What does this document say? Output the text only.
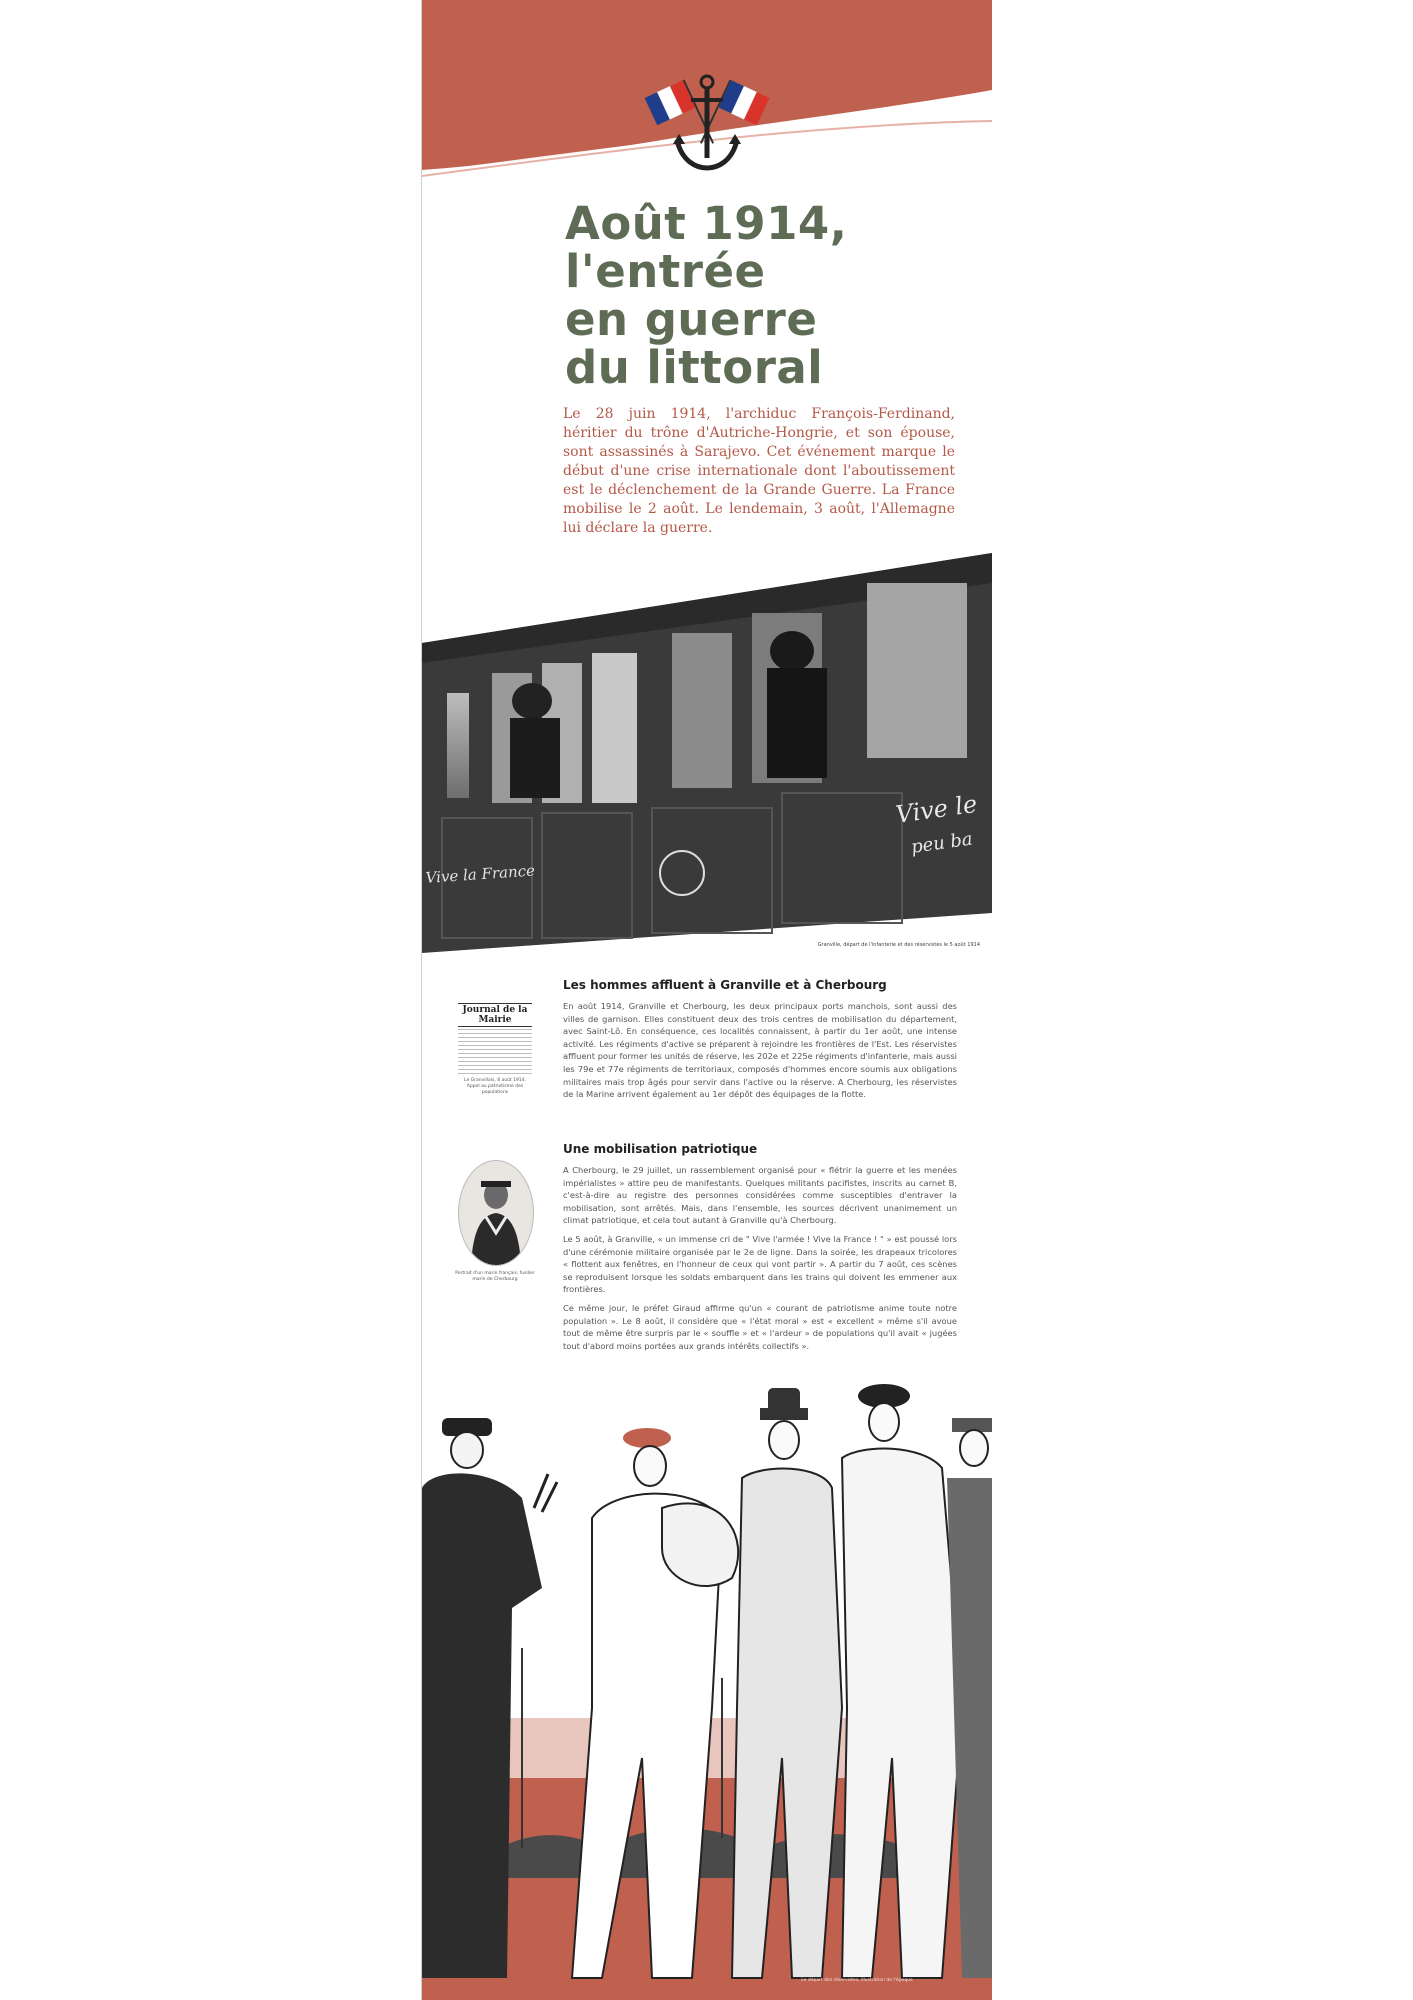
Août 1914,
l'entrée
en guerre
du littoral
Le 28 juin 1914, l'archiduc François-Ferdinand, héritier du trône d'Autriche-Hongrie, et son épouse, sont assassinés à Sarajevo. Cet événement marque le début d'une crise internationale dont l'aboutissement est le déclenchement de la Grande Guerre. La France mobilise le 2 août. Le lendemain, 3 août, l'Allemagne lui déclare la guerre.
Vive le
peu ba
Vive la France
Granville, départ de l'infanterie et des réservistes le 5 août 1914
Journal de la Mairie
Le Granvillais, 8 août 1914. Appel au patriotisme des populations
Les hommes affluent à Granville et à Cherbourg

En août 1914, Granville et Cherbourg, les deux principaux ports manchois, sont aussi des villes de garnison. Elles constituent deux des trois centres de mobilisation du département, avec Saint-Lô. En conséquence, ces localités connaissent, à partir du 1er août, une intense activité. Les régiments d'active se préparent à rejoindre les frontières de l'Est. Les réservistes affluent pour former les unités de réserve, les 202e et 225e régiments d'infanterie, mais aussi les 79e et 77e régiments de territoriaux, composés d'hommes encore soumis aux obligations militaires mais trop âgés pour servir dans l'active ou la réserve. A Cherbourg, les réservistes de la Marine arrivent également au 1er dépôt des équipages de la flotte.

Portrait d'un marin français, fusilier marin de Cherbourg
Une mobilisation patriotique

A Cherbourg, le 29 juillet, un rassemblement organisé pour « flétrir la guerre et les menées impérialistes » attire peu de manifestants. Quelques militants pacifistes, inscrits au carnet B, c'est-à-dire au registre des personnes considérées comme susceptibles d'entraver la mobilisation, sont arrêtés. Mais, dans l'ensemble, les sources décrivent unanimement un climat patriotique, et cela tout autant à Granville qu'à Cherbourg.

Le 5 août, à Granville, « un immense cri de " Vive l'armée ! Vive la France ! " » est poussé lors d'une cérémonie militaire organisée par le 2e de ligne. Dans la soirée, les drapeaux tricolores « flottent aux fenêtres, en l'honneur de ceux qui vont partir ». A partir du 7 août, ces scènes se reproduisent lorsque les soldats embarquent dans les trains qui doivent les emmener aux frontières.

Ce même jour, le préfet Giraud affirme qu'un « courant de patriotisme anime toute notre population ». Le 8 août, il considère que « l'état moral » est « excellent » même s'il avoue tout de même être surpris par le « souffle » et « l'ardeur » de populations qu'il avait « jugées tout d'abord moins portées aux grands intérêts collectifs ».

Le départ des réservistes, illustration de l'époque
